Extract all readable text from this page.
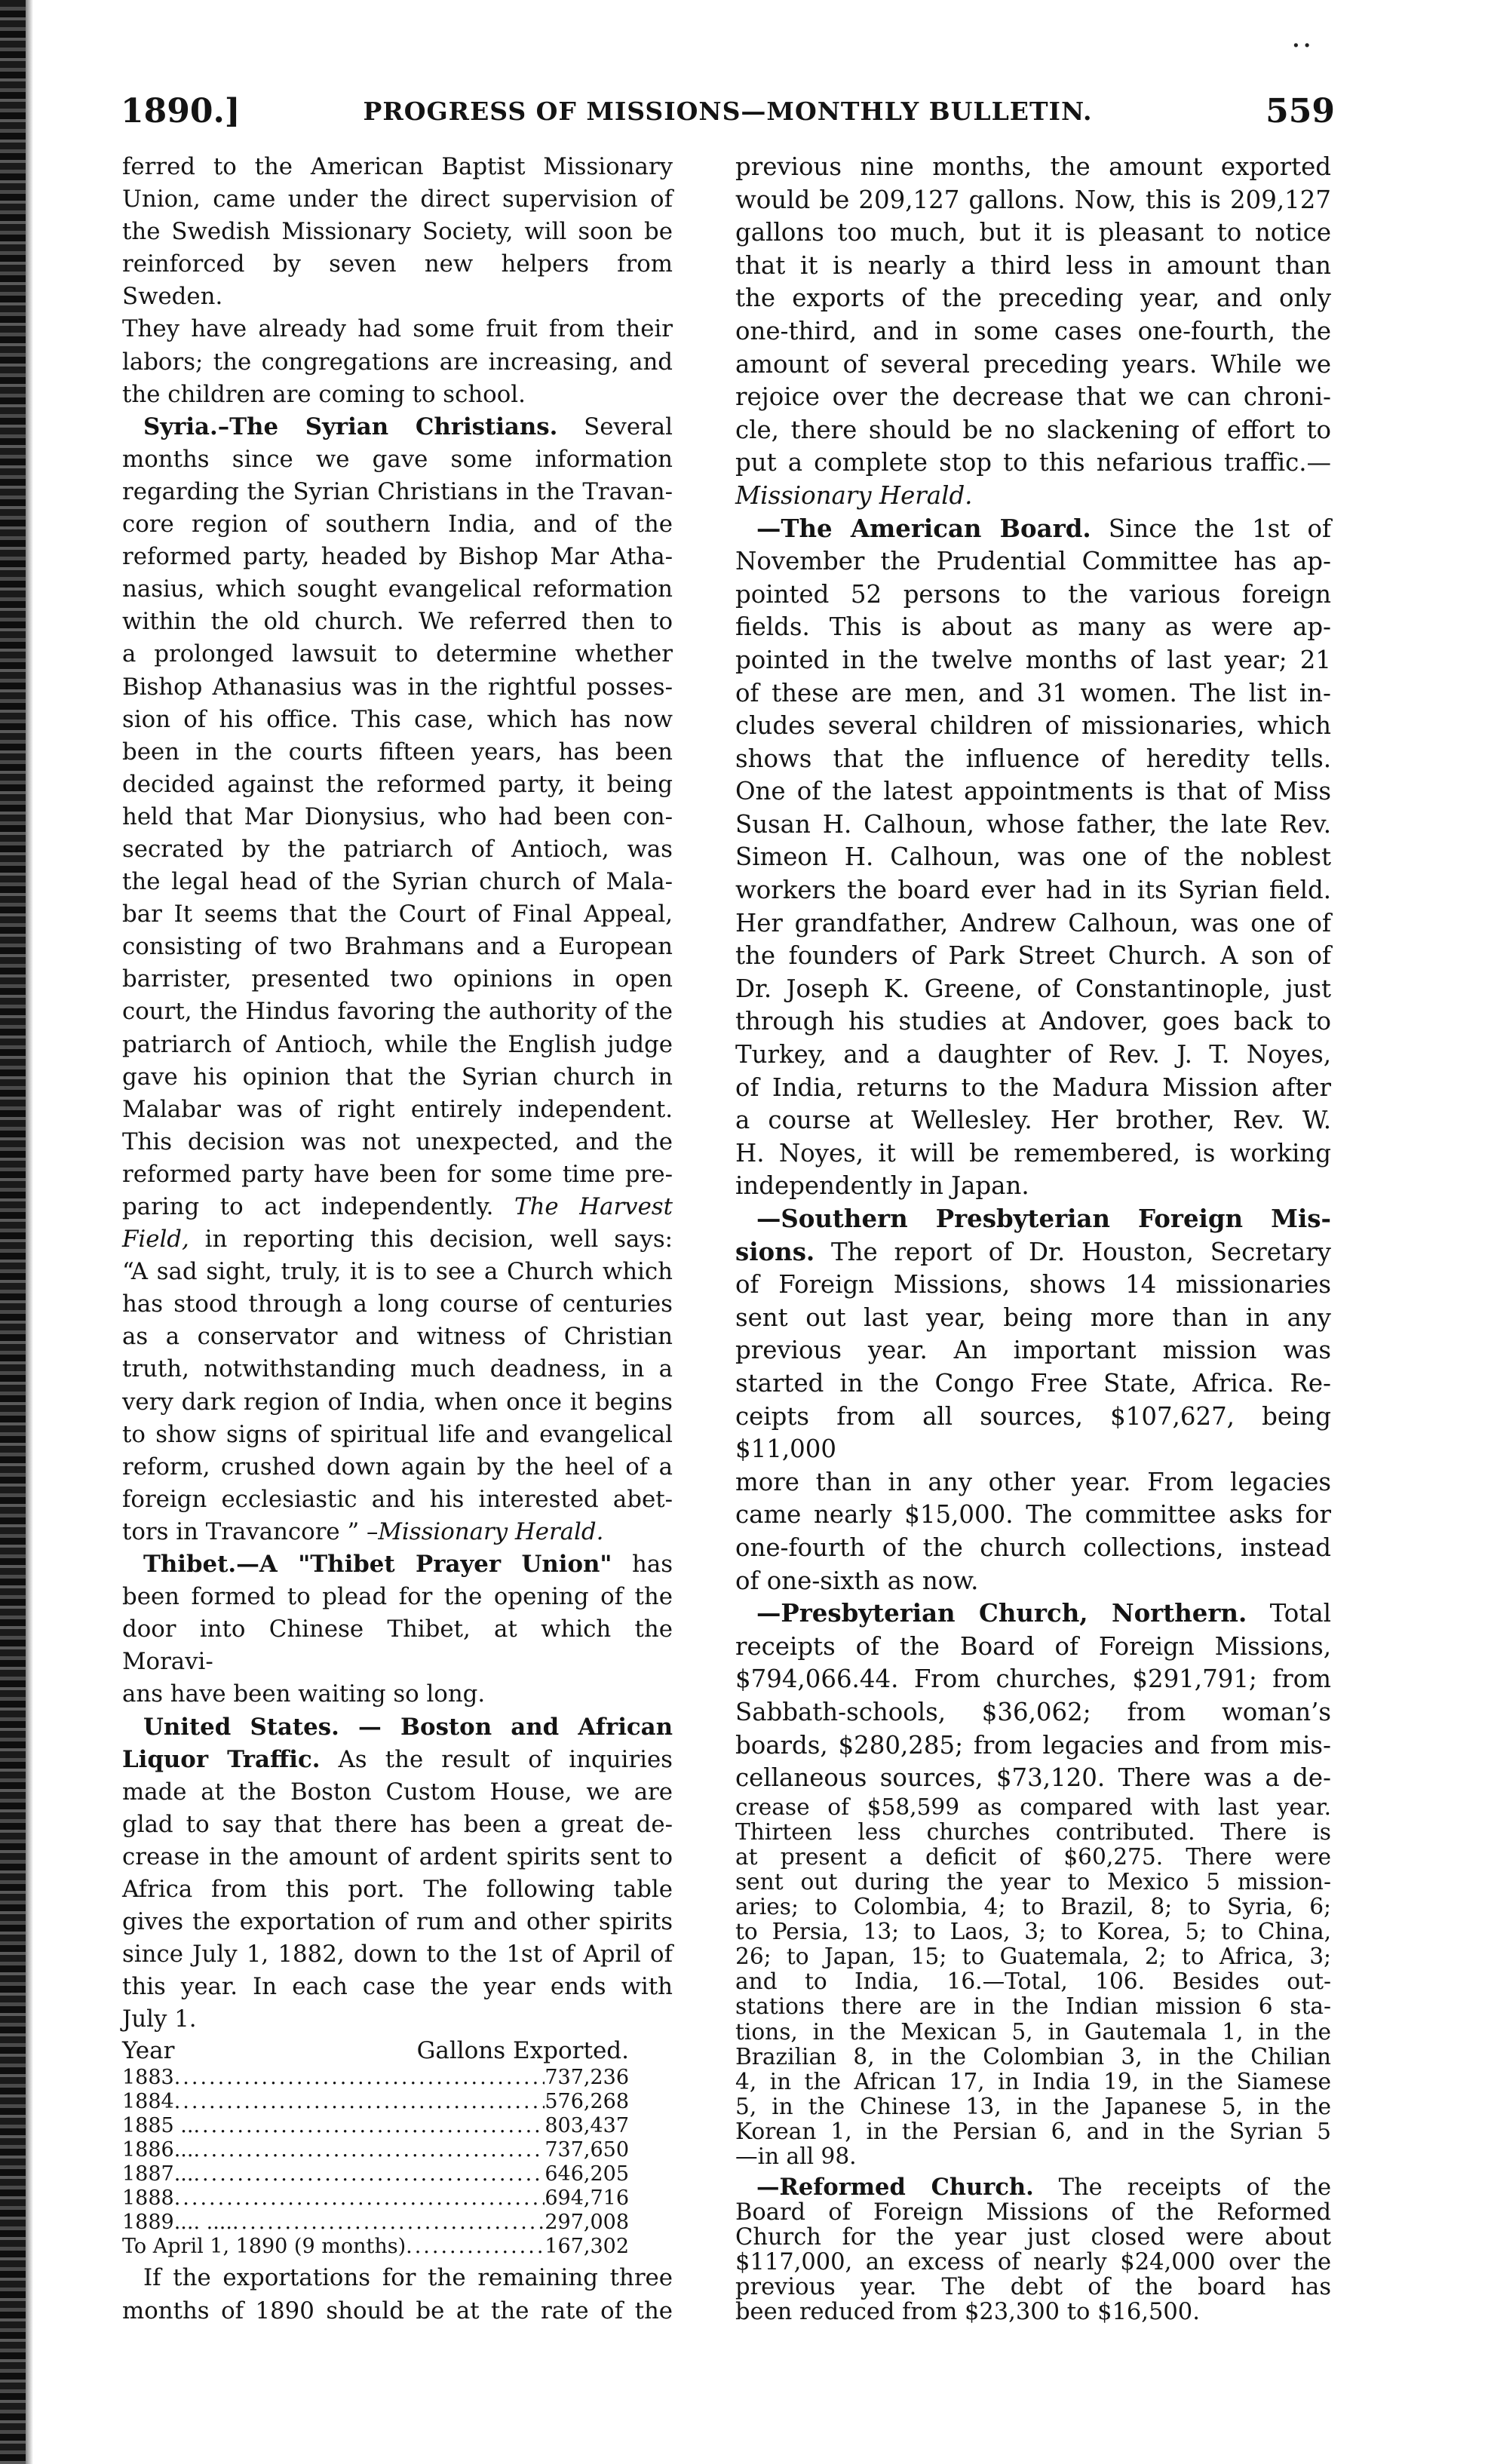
..
1890.]	PROGRESS OF MISSIONS—MONTHLY BULLETIN.	559

ferred to the American Baptist Missionary

Union, came under the direct supervision of

the Swedish Missionary Society, will soon be

reinforced by seven new helpers from Sweden.

They have already had some fruit from their

labors; the congregations are increasing, and

the children are coming to school.

Syria.–The Syrian Christians. Several

months since we gave some information

regarding the Syrian Christians in the Travan-

core region of southern India, and of the

reformed party, headed by Bishop Mar Atha-

nasius, which sought evangelical reformation

within the old church. We referred then to

a prolonged lawsuit to determine whether

Bishop Athanasius was in the rightful posses-

sion of his office. This case, which has now

been in the courts fifteen years, has been

decided against the reformed party, it being

held that Mar Dionysius, who had been con-

secrated by the patriarch of Antioch, was

the legal head of the Syrian church of Mala-

bar It seems that the Court of Final Appeal,

consisting of two Brahmans and a European

barrister, presented two opinions in open

court, the Hindus favoring the authority of the

patriarch of Antioch, while the English judge

gave his opinion that the Syrian church in

Malabar was of right entirely independent.

This decision was not unexpected, and the

reformed party have been for some time pre-

paring to act independently. The Harvest

Field, in reporting this decision, well says:

“A sad sight, truly, it is to see a Church which

has stood through a long course of centuries

as a conservator and witness of Christian

truth, notwithstanding much deadness, in a

very dark region of India, when once it begins

to show signs of spiritual life and evangelical

reform, crushed down again by the heel of a

foreign ecclesiastic and his interested abet-

tors in Travancore ” –Missionary Herald.

Thibet.—A "Thibet Prayer Union" has

been formed to plead for the opening of the

door into Chinese Thibet, at which the Moravi-

ans have been waiting so long.

United States. — Boston and African

Liquor Traffic. As the result of inquiries

made at the Boston Custom House, we are

glad to say that there has been a great de-

crease in the amount of ardent spirits sent to

Africa from this port. The following table

gives the exportation of rum and other spirits

since July 1, 1882, down to the 1st of April of

this year. In each case the year ends with

July 1.

Year	Gallons Exported.
1883 .....	737,236
1884 .....	576,268
1885 .. .....	803,437
1886... .....	737,650
1887... .....	646,205
1888 .....	694,716
1889.... .... .....	297,008
To April 1, 1890 (9 months) .....	167,302

If the exportations for the remaining three

months of 1890 should be at the rate of the

previous nine months, the amount exported

would be 209,127 gallons. Now, this is 209,127

gallons too much, but it is pleasant to notice

that it is nearly a third less in amount than

the exports of the preceding year, and only

one-third, and in some cases one-fourth, the

amount of several preceding years. While we

rejoice over the decrease that we can chroni-

cle, there should be no slackening of effort to

put a complete stop to this nefarious traffic.—

Missionary Herald.

—The American Board. Since the 1st of

November the Prudential Committee has ap-

pointed 52 persons to the various foreign

fields. This is about as many as were ap-

pointed in the twelve months of last year; 21

of these are men, and 31 women. The list in-

cludes several children of missionaries, which

shows that the influence of heredity tells.

One of the latest appointments is that of Miss

Susan H. Calhoun, whose father, the late Rev.

Simeon H. Calhoun, was one of the noblest

workers the board ever had in its Syrian field.

Her grandfather, Andrew Calhoun, was one of

the founders of Park Street Church. A son of

Dr. Joseph K. Greene, of Constantinople, just

through his studies at Andover, goes back to

Turkey, and a daughter of Rev. J. T. Noyes,

of India, returns to the Madura Mission after

a course at Wellesley. Her brother, Rev. W.

H. Noyes, it will be remembered, is working

independently in Japan.

—Southern Presbyterian Foreign Mis-

sions. The report of Dr. Houston, Secretary

of Foreign Missions, shows 14 missionaries

sent out last year, being more than in any

previous year. An important mission was

started in the Congo Free State, Africa. Re-

ceipts from all sources, $107,627, being $11,000

more than in any other year. From legacies

came nearly $15,000. The committee asks for

one-fourth of the church collections, instead

of one-sixth as now.

—Presbyterian Church, Northern. Total

receipts of the Board of Foreign Missions,

$794,066.44. From churches, $291,791; from

Sabbath-schools, $36,062; from woman’s

boards, $280,285; from legacies and from mis-

cellaneous sources, $73,120. There was a de-

crease of $58,599 as compared with last year.

Thirteen less churches contributed. There is

at present a deficit of $60,275. There were

sent out during the year to Mexico 5 mission-

aries; to Colombia, 4; to Brazil, 8; to Syria, 6;

to Persia, 13; to Laos, 3; to Korea, 5; to China,

26; to Japan, 15; to Guatemala, 2; to Africa, 3;

and to India, 16.—Total, 106. Besides out-

stations there are in the Indian mission 6 sta-

tions, in the Mexican 5, in Gautemala 1, in the

Brazilian 8, in the Colombian 3, in the Chilian

4, in the African 17, in India 19, in the Siamese

5, in the Chinese 13, in the Japanese 5, in the

Korean 1, in the Persian 6, and in the Syrian 5

—in all 98.

—Reformed Church. The receipts of the

Board of Foreign Missions of the Reformed

Church for the year just closed were about

$117,000, an excess of nearly $24,000 over the

previous year. The debt of the board has

been reduced from $23,300 to $16,500.
